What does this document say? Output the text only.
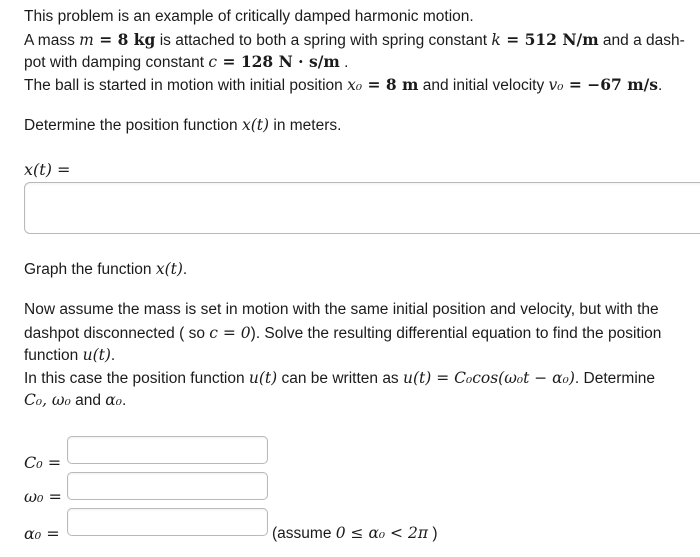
This problem is an example of critically damped harmonic motion.
A mass m = 8 kg is attached to both a spring with spring constant k = 512 N/m and a dash-
pot with damping constant c = 128 N · s/m .
The ball is started in motion with initial position x₀ = 8 m and initial velocity v₀ = −67 m/s.
Determine the position function x(t) in meters.
x(t) =
Graph the function x(t).
Now assume the mass is set in motion with the same initial position and velocity, but with the
dashpot disconnected ( so c = 0). Solve the resulting differential equation to find the position
function u(t).
In this case the position function u(t) can be written as u(t) = C₀cos(ω₀t − α₀). Determine
C₀, ω₀ and α₀.
C₀ =
ω₀ =
α₀ =	(assume 0 ≤ α₀ < 2π )
